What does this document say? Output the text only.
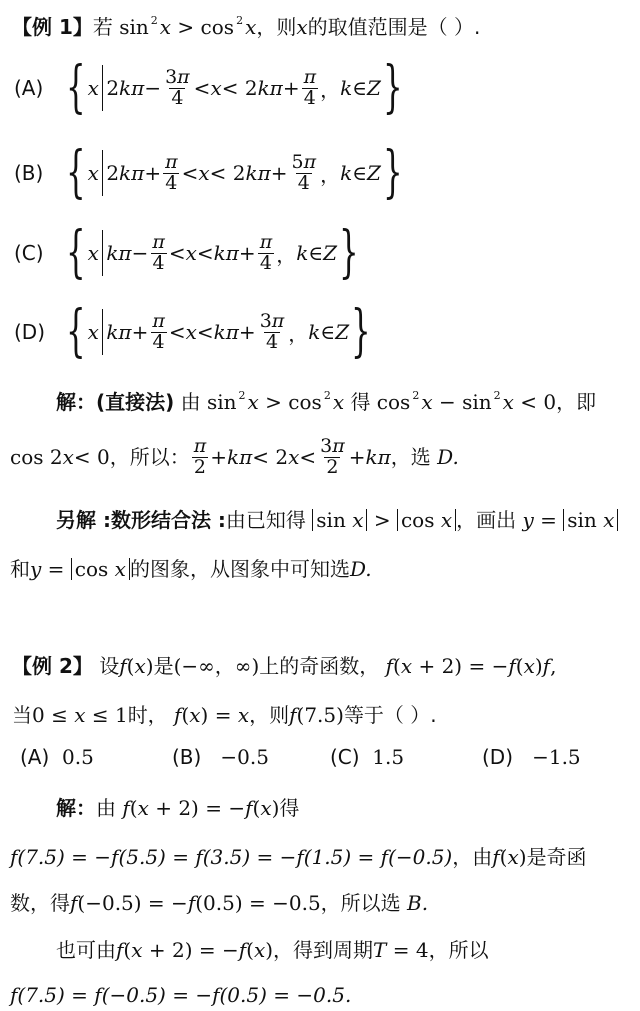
【例 1】若 sin $^2$ x > cos $^2$ x，则x的取值范围是（ ）.
(A) { x 2 $k\pi - \frac{3\pi}{4} < x < 2$ $k\pi + \frac{\pi}{4}$ ， k ∈ Z }
(B) { x 2 $k\pi + \frac{\pi}{4} < x < 2$ $k\pi + \frac{5\pi}{4}$ ， k ∈ Z }
(C) { x $k\pi - \frac{\pi}{4} < x < k\pi + \frac{\pi}{4}$ ， k ∈ Z }
(D) { x $k\pi + \frac{\pi}{4} < x < k\pi + \frac{3\pi}{4}$ ， k ∈ Z }
解：(直接法) 由 sin $^2$ x > cos $^2$ x 得 cos $^2$ x − sin $^2$ x < 0，即
cos 2 x < 0 ，所以： $\frac{\pi}{2} + k\pi < 2$ $x < \frac{3\pi}{2} + k\pi$ ，选
D.
另解 :数形结合法 :由已知得 sin x > cos x ，画出 y = sin x
和y = cos x 的图象，从图象中可知选D.
【例 2】 设f(x)是(−∞，∞)上的奇函数， f(x + 2) = −f(x)f,
当0 ≤ x ≤ 1时， f(x) = x，则f(7.5)等于（ ）.
(A) 0.5	(B) −0.5	(C) 1.5	(D) −1.5
解：由 f(x + 2) = −f(x)得
f(7.5) = −f(5.5) = f(3.5) = −f(1.5) = f(−0.5)，由f(x)是奇函
数，得f(−0.5) = −f(0.5) = −0.5，所以选 B.
也可由f(x + 2) = −f(x)，得到周期T = 4，所以
f(7.5) = f(−0.5) = −f(0.5) = −0.5.
